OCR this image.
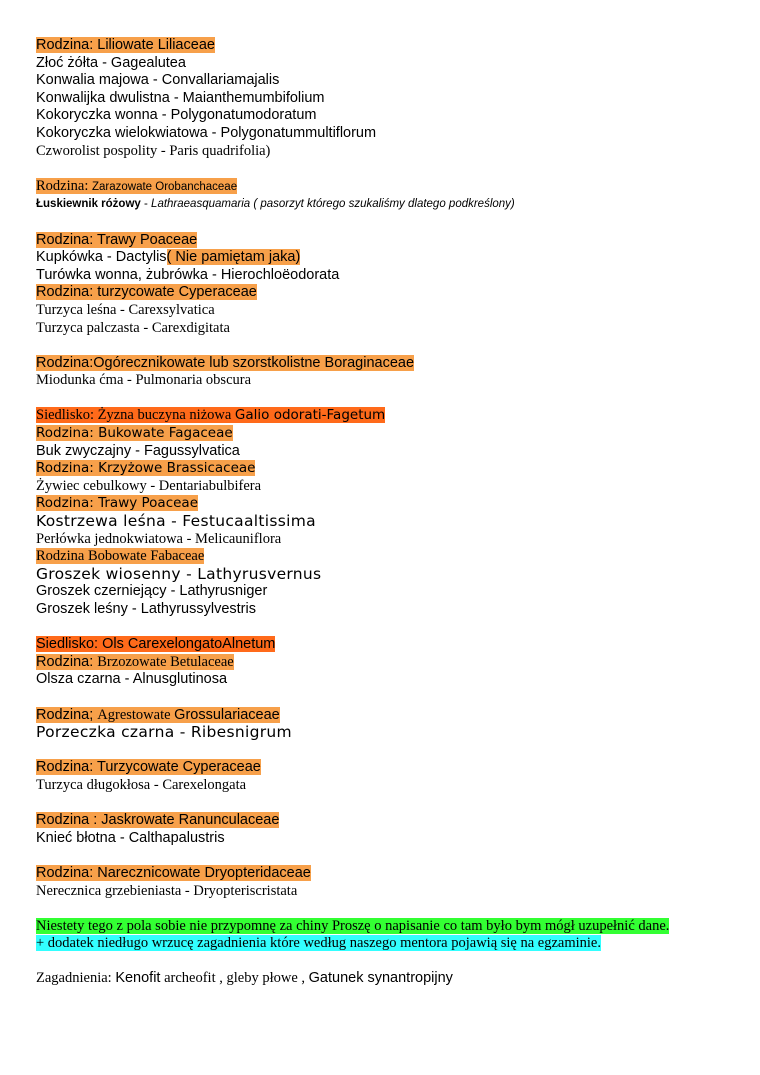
Rodzina: Liliowate Liliaceae
Złoć żółta - Gagealutea
Konwalia majowa - Convallariamajalis
Konwalijka dwulistna - Maianthemumbifolium
Kokoryczka wonna - Polygonatumodoratum
Kokoryczka wielokwiatowa - Polygonatummultiflorum
Czworolist pospolity - Paris quadrifolia)
Rodzina: Zarazowate Orobanchaceae
Łuskiewnik różowy - Lathraeasquamaria ( pasorzyt którego szukaliśmy dlatego podkreślony)
Rodzina: Trawy Poaceae
Kupkówka - Dactylis( Nie pamiętam jaka)
Turówka wonna, żubrówka - Hierochloëodorata
Rodzina: turzycowate Cyperaceae
Turzyca leśna - Carexsylvatica
Turzyca palczasta - Carexdigitata
Rodzina:Ogórecznikowate lub szorstkolistne Boraginaceae
Miodunka ćma - Pulmonaria obscura
Siedlisko: Żyzna buczyna niżowa Galio odorati-Fagetum
Rodzina: Bukowate Fagaceae
Buk zwyczajny - Fagussylvatica
Rodzina: Krzyżowe Brassicaceae
Żywiec cebulkowy - Dentariabulbifera
Rodzina: Trawy Poaceae
Kostrzewa leśna - Festucaaltissima
Perłówka jednokwiatowa - Melicauniflora
Rodzina Bobowate Fabaceae
Groszek wiosenny - Lathyrusvernus
Groszek czerniejący - Lathyrusniger
Groszek leśny - Lathyrussylvestris
Siedlisko: Ols CarexelongatoAlnetum
Rodzina: Brzozowate Betulaceae
Olsza czarna - Alnusglutinosa
Rodzina; Agrestowate Grossulariaceae
Porzeczka czarna - Ribesnigrum
Rodzina: Turzycowate Cyperaceae
Turzyca długokłosa - Carexelongata
Rodzina : Jaskrowate Ranunculaceae
Knieć błotna - Calthapalustris
Rodzina: Narecznicowate Dryopteridaceae
Nerecznica grzebieniasta - Dryopteriscristata
Niestety tego z pola sobie nie przypomnę za chiny Proszę o napisanie co tam było bym mógł uzupełnić dane.
+ dodatek niedługo wrzucę zagadnienia które według naszego mentora pojawią się na egzaminie.
Zagadnienia: Kenofit archeofit , gleby płowe , Gatunek synantropijny
